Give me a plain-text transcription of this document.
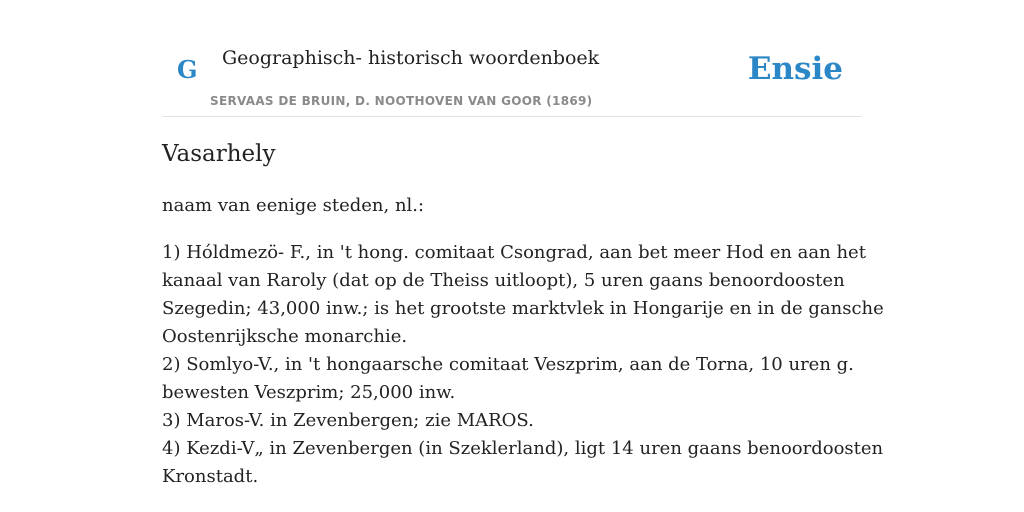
G Geographisch- historisch woordenboek
SERVAAS DE BRUIN, D. NOOTHOVEN VAN GOOR (1869)
Ensie
Vasarhely
naam van eenige steden, nl.:
1) Hóldmezö- F., in 't hong. comitaat Csongrad, aan bet meer Hod en aan het
kanaal van Raroly (dat op de Theiss uitloopt), 5 uren gaans benoordoosten
Szegedin; 43,000 inw.; is het grootste marktvlek in Hongarije en in de gansche
Oostenrijksche monarchie.
2) Somlyo-V., in 't hongaarsche comitaat Veszprim, aan de Torna, 10 uren g.
bewesten Veszprim; 25,000 inw.
3) Maros-V. in Zevenbergen; zie MAROS.
4) Kezdi-V„ in Zevenbergen (in Szeklerland), ligt 14 uren gaans benoordoosten
Kronstadt.
